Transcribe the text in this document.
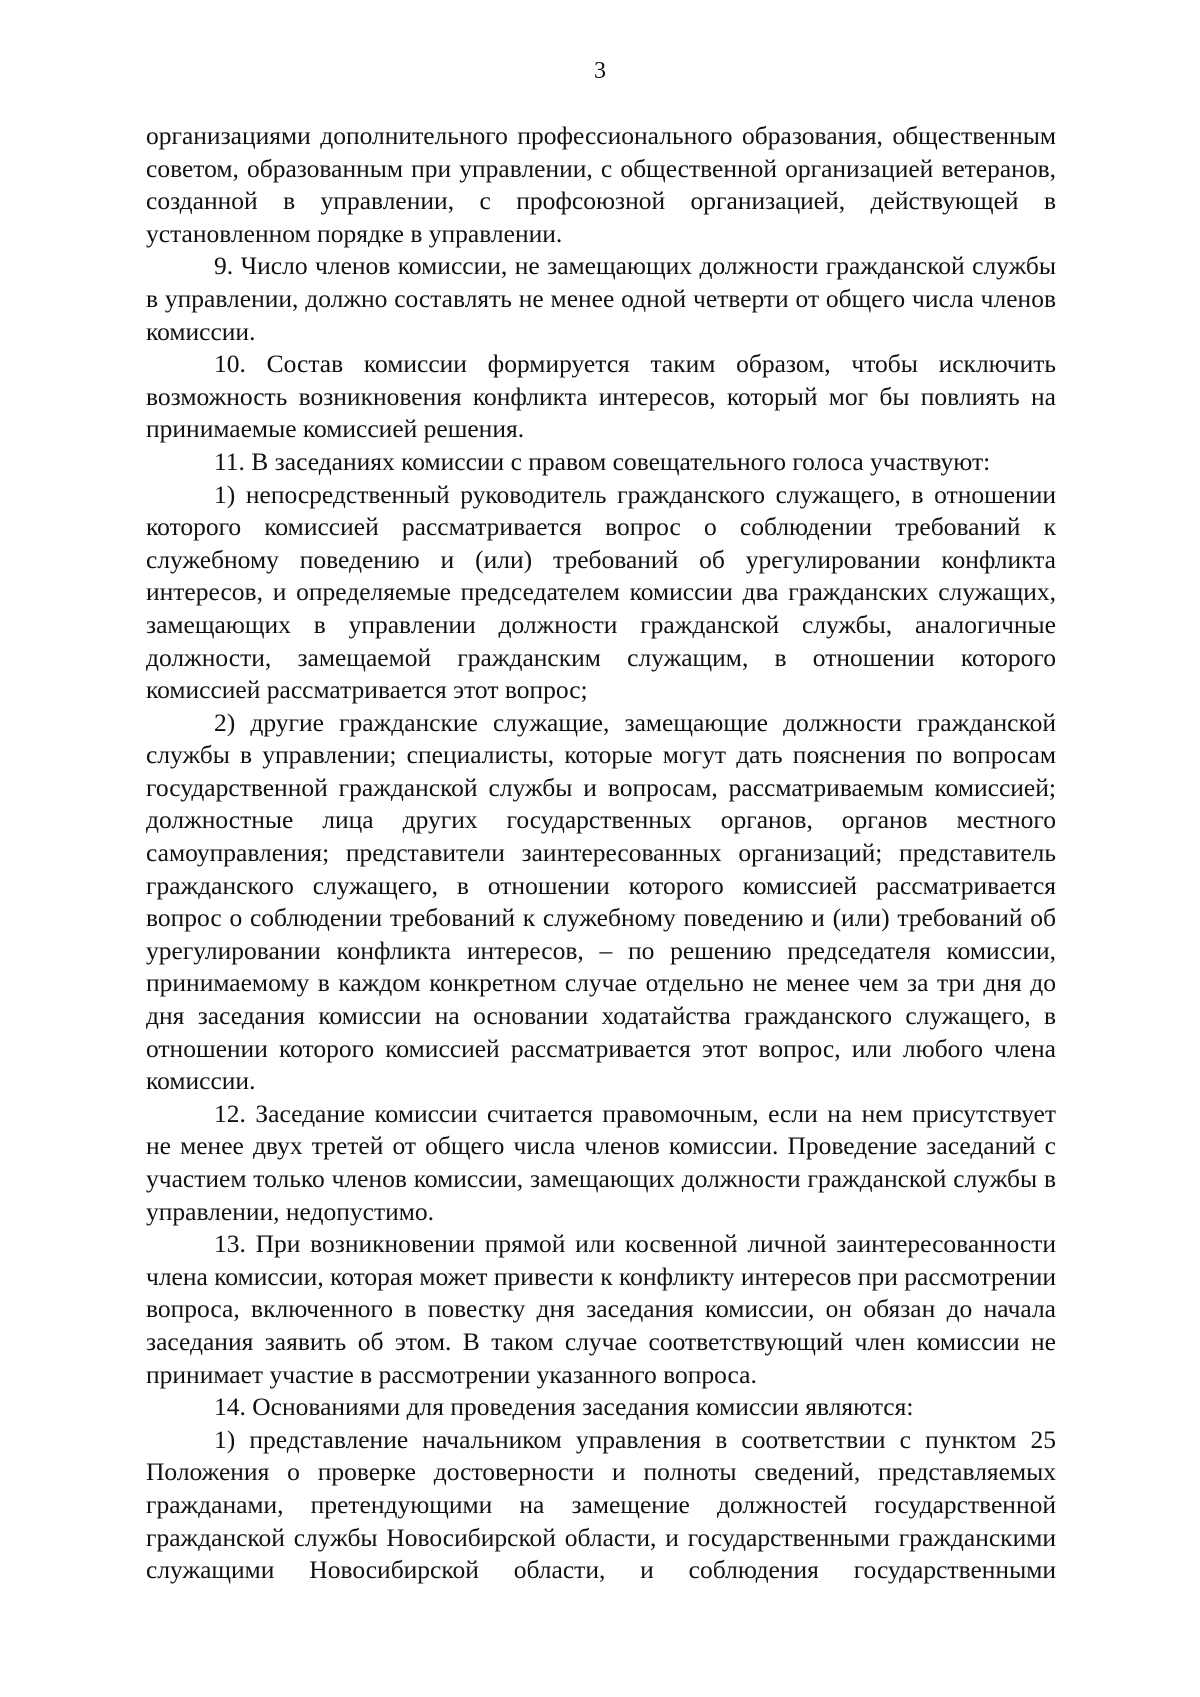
3

организациями дополнительного профессионального образования, общественным советом, образованным при управлении, с общественной организацией ветеранов, созданной в управлении, с профсоюзной организацией, действующей в установленном порядке в управлении.

9. Число членов комиссии, не замещающих должности гражданской службы в управлении, должно составлять не менее одной четверти от общего числа членов комиссии.

10. Состав комиссии формируется таким образом, чтобы исключить возможность возникновения конфликта интересов, который мог бы повлиять на принимаемые комиссией решения.

11. В заседаниях комиссии с правом совещательного голоса участвуют:

1) непосредственный руководитель гражданского служащего, в отношении которого комиссией рассматривается вопрос о соблюдении требований к служебному поведению и (или) требований об урегулировании конфликта интересов, и определяемые председателем комиссии два гражданских служащих, замещающих в управлении должности гражданской службы, аналогичные должности, замещаемой гражданским служащим, в отношении которого комиссией рассматривается этот вопрос;

2) другие гражданские служащие, замещающие должности гражданской службы в управлении; специалисты, которые могут дать пояснения по вопросам государственной гражданской службы и вопросам, рассматриваемым комиссией; должностные лица других государственных органов, органов местного самоуправления; представители заинтересованных организаций; представитель гражданского служащего, в отношении которого комиссией рассматривается вопрос о соблюдении требований к служебному поведению и (или) требований об урегулировании конфликта интересов, – по решению председателя комиссии, принимаемому в каждом конкретном случае отдельно не менее чем за три дня до дня заседания комиссии на основании ходатайства гражданского служащего, в отношении которого комиссией рассматривается этот вопрос, или любого члена комиссии.

12. Заседание комиссии считается правомочным, если на нем присутствует не менее двух третей от общего числа членов комиссии. Проведение заседаний с участием только членов комиссии, замещающих должности гражданской службы в управлении, недопустимо.

13. При возникновении прямой или косвенной личной заинтересованности члена комиссии, которая может привести к конфликту интересов при рассмотрении вопроса, включенного в повестку дня заседания комиссии, он обязан до начала заседания заявить об этом. В таком случае соответствующий член комиссии не принимает участие в рассмотрении указанного вопроса.

14. Основаниями для проведения заседания комиссии являются:

1) представление начальником управления в соответствии с пунктом 25 Положения о проверке достоверности и полноты сведений, представляемых гражданами, претендующими на замещение должностей государственной гражданской службы Новосибирской области, и государственными гражданскими служащими Новосибирской области, и соблюдения государственными
